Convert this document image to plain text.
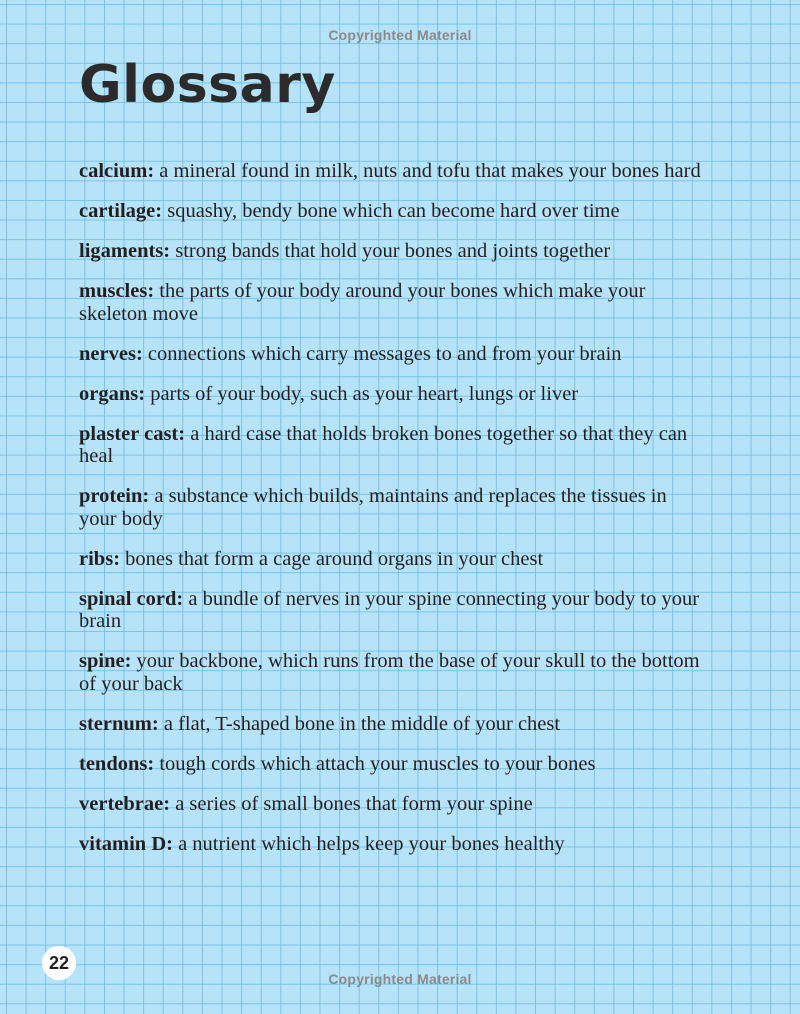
Copyrighted Material
Glossary
calcium: a mineral found in milk, nuts and tofu that makes your bones hard
cartilage: squashy, bendy bone which can become hard over time
ligaments: strong bands that hold your bones and joints together
muscles: the parts of your body around your bones which make your skeleton move
nerves: connections which carry messages to and from your brain
organs: parts of your body, such as your heart, lungs or liver
plaster cast: a hard case that holds broken bones together so that they can heal
protein: a substance which builds, maintains and replaces the tissues in your body
ribs: bones that form a cage around organs in your chest
spinal cord: a bundle of nerves in your spine connecting your body to your brain
spine: your backbone, which runs from the base of your skull to the bottom of your back
sternum: a flat, T-shaped bone in the middle of your chest
tendons: tough cords which attach your muscles to your bones
vertebrae: a series of small bones that form your spine
vitamin D: a nutrient which helps keep your bones healthy
22
Copyrighted Material
